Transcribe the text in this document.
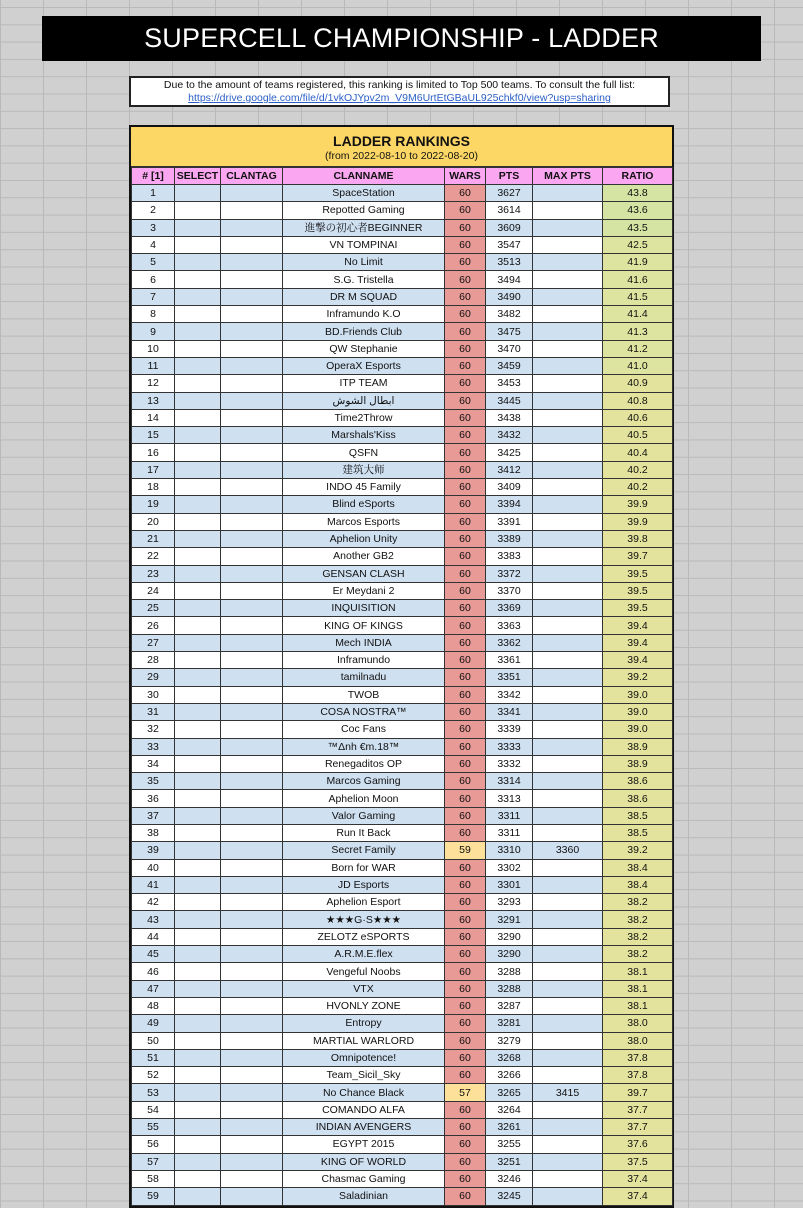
SUPERCELL CHAMPIONSHIP - LADDER
Due to the amount of teams registered, this ranking is limited to Top 500 teams. To consult the full list:
https://drive.google.com/file/d/1vkOJYpv2m_V9M6UrtEtGBaUL925chkf0/view?usp=sharing
LADDER RANKINGS
(from 2022-08-10 to 2022-08-20)
# [1]	SELECT	CLANTAG	CLANNAME	WARS	PTS	MAX PTS	RATIO
1			SpaceStation	60	3627		43.8
2			Repotted Gaming	60	3614		43.6
3			進撃の初心者BEGINNER	60	3609		43.5
4			VN TOMPINAI	60	3547		42.5
5			No Limit	60	3513		41.9
6			S.G. Tristella	60	3494		41.6
7			DR M SQUAD	60	3490		41.5
8			Inframundo K.O	60	3482		41.4
9			BD.Friends Club	60	3475		41.3
10			QW Stephanie	60	3470		41.2
11			OperaX Esports	60	3459		41.0
12			ITP TEAM	60	3453		40.9
13			ابطال الشوش	60	3445		40.8
14			Time2Throw	60	3438		40.6
15			Marshals'Kiss	60	3432		40.5
16			QSFN	60	3425		40.4
17			建筑大师	60	3412		40.2
18			INDO 45 Family	60	3409		40.2
19			Blind eSports	60	3394		39.9
20			Marcos Esports	60	3391		39.9
21			Aphelion Unity	60	3389		39.8
22			Another GB2	60	3383		39.7
23			GENSAN CLASH	60	3372		39.5
24			Er Meydani 2	60	3370		39.5
25			INQUISITION	60	3369		39.5
26			KING OF KINGS	60	3363		39.4
27			Mech INDIA	60	3362		39.4
28			Inframundo	60	3361		39.4
29			tamilnadu	60	3351		39.2
30			TWOB	60	3342		39.0
31			COSA NOSTRA™	60	3341		39.0
32			Coc Fans	60	3339		39.0
33			™Δnh €m.18™	60	3333		38.9
34			Renegaditos OP	60	3332		38.9
35			Marcos Gaming	60	3314		38.6
36			Aphelion Moon	60	3313		38.6
37			Valor Gaming	60	3311		38.5
38			Run It Back	60	3311		38.5
39			Secret Family	59	3310	3360	39.2
40			Born for WAR	60	3302		38.4
41			JD Esports	60	3301		38.4
42			Aphelion Esport	60	3293		38.2
43			★★★G·S★★★	60	3291		38.2
44			ZELOTZ eSPORTS	60	3290		38.2
45			A.R.M.E.flex	60	3290		38.2
46			Vengeful Noobs	60	3288		38.1
47			VTX	60	3288		38.1
48			HVONLY ZONE	60	3287		38.1
49			Entropy	60	3281		38.0
50			MARTIAL WARLORD	60	3279		38.0
51			Omnipotence!	60	3268		37.8
52			Team_Sicil_Sky	60	3266		37.8
53			No Chance Black	57	3265	3415	39.7
54			COMANDO ALFA	60	3264		37.7
55			INDIAN AVENGERS	60	3261		37.7
56			EGYPT 2015	60	3255		37.6
57			KING OF WORLD	60	3251		37.5
58			Chasmac Gaming	60	3246		37.4
59			Saladinian	60	3245		37.4
